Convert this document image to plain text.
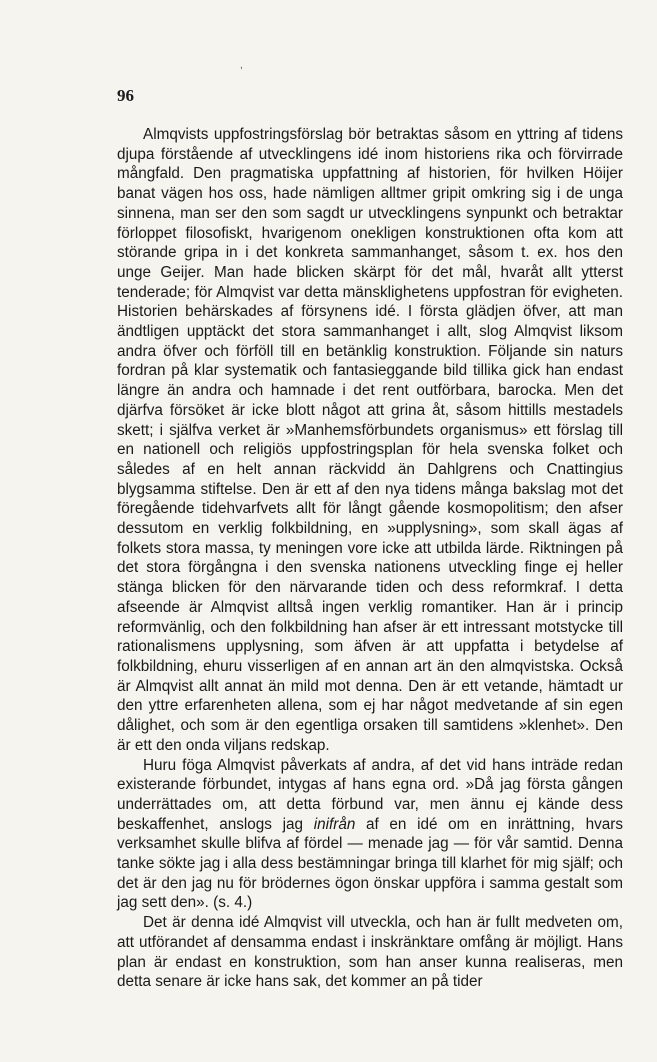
,
96

Almqvists uppfostringsförslag bör betraktas såsom en yttring af tidens djupa förstående af utvecklingens idé inom historiens rika och förvirrade mångfald. Den pragmatiska uppfattning af historien, för hvilken Höijer banat vägen hos oss, hade nämligen alltmer gripit omkring sig i de unga sinnena, man ser den som sagdt ur utvecklingens synpunkt och betraktar förloppet filosofiskt, hvarigenom onekligen konstruktionen ofta kom att störande gripa in i det konkreta sammanhanget, såsom t. ex. hos den unge Geijer. Man hade blicken skärpt för det mål, hvaråt allt ytterst tenderade; för Almqvist var detta mänsklighetens uppfostran för evigheten. Historien behärskades af försynens idé. I första glädjen öfver, att man ändtligen upptäckt det stora sammanhanget i allt, slog Almqvist liksom andra öfver och förföll till en betänklig konstruktion. Följande sin naturs fordran på klar systematik och fantasieggande bild tillika gick han endast längre än andra och hamnade i det rent outförbara, barocka. Men det djärfva försöket är icke blott något att grina åt, såsom hittills mestadels skett; i själfva verket är »Manhemsförbundets organismus» ett förslag till en nationell och religiös uppfostringsplan för hela svenska folket och således af en helt annan räckvidd än Dahlgrens och Cnattingius blygsamma stiftelse. Den är ett af den nya tidens många bakslag mot det föregående tidehvarfvets allt för långt gående kosmopolitism; den afser dessutom en verklig folkbildning, en »upplysning», som skall ägas af folkets stora massa, ty meningen vore icke att utbilda lärde. Riktningen på det stora förgångna i den svenska nationens utveckling finge ej heller stänga blicken för den närvarande tiden och dess reformkraf. I detta afseende är Almqvist alltså ingen verklig romantiker. Han är i princip reformvänlig, och den folkbildning han afser är ett intressant motstycke till rationalismens upplysning, som äfven är att uppfatta i betydelse af folkbildning, ehuru visserligen af en annan art än den almqvistska. Också är Almqvist allt annat än mild mot denna. Den är ett vetande, hämtadt ur den yttre erfarenheten allena, som ej har något medvetande af sin egen dålighet, och som är den egentliga orsaken till samtidens »klenhet». Den är ett den onda viljans redskap.

Huru föga Almqvist påverkats af andra, af det vid hans inträde redan existerande förbundet, intygas af hans egna ord. »Då jag första gången underrättades om, att detta förbund var, men ännu ej kände dess beskaffenhet, anslogs jag inifrån af en idé om en inrättning, hvars verksamhet skulle blifva af fördel — menade jag — för vår samtid. Denna tanke sökte jag i alla dess bestämningar bringa till klarhet för mig själf; och det är den jag nu för brödernes ögon önskar uppföra i samma gestalt som jag sett den». (s. 4.)

Det är denna idé Almqvist vill utveckla, och han är fullt medveten om, att utförandet af densamma endast i inskränktare omfång är möjligt. Hans plan är endast en konstruktion, som han anser kunna realiseras, men detta senare är icke hans sak, det kommer an på tider
